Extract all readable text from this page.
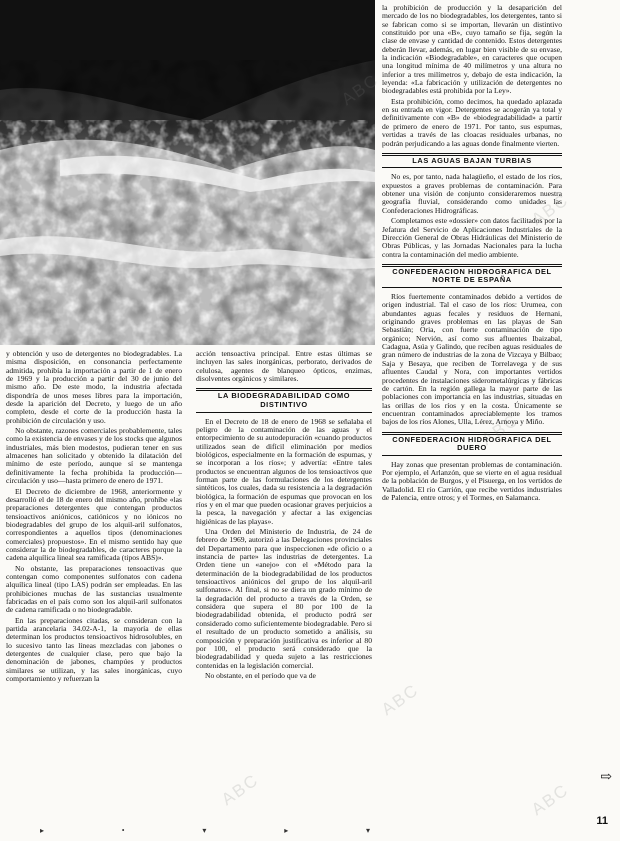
y obtención y uso de detergentes no biodegradables. La misma disposición, en consonancia perfectamente admitida, prohibía la importación a partir de 1 de enero de 1969 y la producción a partir del 30 de junio del mismo año. De este modo, la industria afectada dispondría de unos meses libres para la importación, desde la aparición del Decreto, y luego de un año completo, desde el corte de la producción hasta la prohibición de circulación y uso.

No obstante, razones comerciales probablemente, tales como la existencia de envases y de los stocks que algunos industriales, más bien modestos, pudieran tener en sus almacenes han solicitado y obtenido la dilatación del mínimo de este período, aunque sí se mantenga definitivamente la fecha prohibida la producción—circulación y uso—hasta primero de enero de 1971.

El Decreto de diciembre de 1968, anteriormente y desarrolló el de 18 de enero del mismo año, prohíbe «las preparaciones detergentes que contengan productos tensioactivos aniónicos, catiónicos y no iónicos no biodegradables del grupo de los alquil-aril sulfonatos, correspondientes a aquellos tipos (denominaciones comerciales) propuestos». En el mismo sentido hay que considerar la de biodegradables, de caracteres porque la cadena alquílica lineal sea ramificada (tipos ABS)».

No obstante, las preparaciones tensoactivas que contengan como componentes sulfonatos con cadena alquílica lineal (tipo LAS) podrán ser empleadas. En las prohibiciones muchas de las sustancias usualmente fabricadas en el país como son los alquil-aril sulfonatos de cadena ramificada o no biodegradable.

En las preparaciones citadas, se consideran con la partida arancelaria 34.02-A-1, la mayoría de ellas determinan los productos tensioactivos hidrosolubles, en lo sucesivo tanto las líneas mezcladas con jabones o detergentes de cualquier clase, pero que bajo la denominación de jabones, champúes y productos similares se utilizan, y las sales inorgánicas, cuyo comportamiento y refuerzan la

acción tensoactiva principal. Entre estas últimas se incluyen las sales inorgánicas, perborato, derivados de celulosa, agentes de blanqueo ópticos, enzimas, disolventes orgánicos y similares.

LA BIODEGRADABILIDAD COMO DISTINTIVO

En el Decreto de 18 de enero de 1968 se señalaba el peligro de la contaminación de las aguas y el entorpecimiento de su autodepuración «cuando productos utilizados sean de difícil eliminación por medios biológicos, especialmente en la formación de espumas, y se incorporan a los ríos»; y advertía: «Entre tales productos se encuentran algunos de los tensioactivos que forman parte de las formulaciones de los detergentes sintéticos, los cuales, dada su resistencia a la degradación biológica, la formación de espumas que provocan en los ríos y en el mar que pueden ocasionar graves perjuicios a la pesca, la navegación y afectar a las exigencias higiénicas de las playas».

Una Orden del Ministerio de Industria, de 24 de febrero de 1969, autorizó a las Delegaciones provinciales del Departamento para que inspeccionen «de oficio o a instancia de parte» las industrias de detergentes. La Orden tiene un «anejo» con el «Método para la determinación de la biodegradabilidad de los productos tensioactivos aniónicos del grupo de los alquil-aril sulfonatos». Al final, si no se diera un grado mínimo de la degradación del producto a través de la Orden, se considera que supera el 80 por 100 de la biodegradabilidad obtenida, el producto podrá ser considerado como suficientemente biodegradable. Pero si el resultado de un producto sometido a análisis, su composición y preparación justificativa es inferior al 80 por 100, el producto será considerado que la biodegradabilidad y queda sujeto a las restricciones contenidas en la legislación comercial.

No obstante, en el período que va de

la prohibición de producción y la desaparición del mercado de los no biodegradables, los detergentes, tanto si se fabrican como si se importan, llevarán un distintivo constituido por una «B», cuyo tamaño se fija, según la clase de envase y cantidad de contenido. Estos detergentes deberán llevar, además, en lugar bien visible de su envase, la indicación «Biodegradable», en caracteres que ocupen una longitud mínima de 40 milímetros y una altura no inferior a tres milímetros y, debajo de esta indicación, la leyenda: «La fabricación y utilización de detergentes no biodegradables está prohibida por la Ley».

Esta prohibición, como decimos, ha quedado aplazada en su entrada en vigor. Detergentes se acogerán ya total y definitivamente con «B» de «biodegradabilidad» a partir de primero de enero de 1971. Por tanto, sus espumas, vertidas a través de las cloacas residuales urbanas, no podrán perjudicando a las aguas donde finalmente vierten.

LAS AGUAS BAJAN TURBIAS

No es, por tanto, nada halagüeño, el estado de los ríos, expuestos a graves problemas de contaminación. Para obtener una visión de conjunto consideraremos nuestra geografía fluvial, considerando como unidades las Confederaciones Hidrográficas.

Completamos este «dossier» con datos facilitados por la Jefatura del Servicio de Aplicaciones Industriales de la Dirección General de Obras Hidráulicas del Ministerio de Obras Públicas, y las Jornadas Nacionales para la lucha contra la contaminación del medio ambiente.

CONFEDERACION HIDROGRAFICA DEL NORTE DE ESPAÑA

Ríos fuertemente contaminados debido a vertidos de origen industrial. Tal el caso de los ríos: Urumea, con abundantes aguas fecales y residuos de Hernani, originando graves problemas en las playas de San Sebastián; Oria, con fuerte contaminación de tipo orgánico; Nervión, así como sus afluentes Ibaizabal, Cadagua, Asúa y Galindo, que reciben aguas residuales de gran número de industrias de la zona de Vizcaya y Bilbao; Saja y Besaya, que reciben de Torrelavega y de sus afluentes Caudal y Nora, con importantes vertidos procedentes de instalaciones siderometalúrgicas y fábricas de cartón. En la región gallega la mayor parte de las poblaciones con importancia en las industrias, situadas en las orillas de los ríos y en la costa. Únicamente se encuentran contaminados apreciablemente los tramos bajos de los ríos Alones, Ulla, Lérez, Arnoya y Miño.

CONFEDERACION HIDROGRAFICA DEL DUERO

Hay zonas que presentan problemas de contaminación. Por ejemplo, el Arlanzón, que se vierte en el agua residual de la población de Burgos, y el Pisuerga, en los vertidos de Valladolid. El río Carrión, que recibe vertidos industriales de Palencia, entre otros; y el Tormes, en Salamanca.

⇨
11
▸	•	▾	▸	▾
ABC
ABC
ABC
ABC	ABC
